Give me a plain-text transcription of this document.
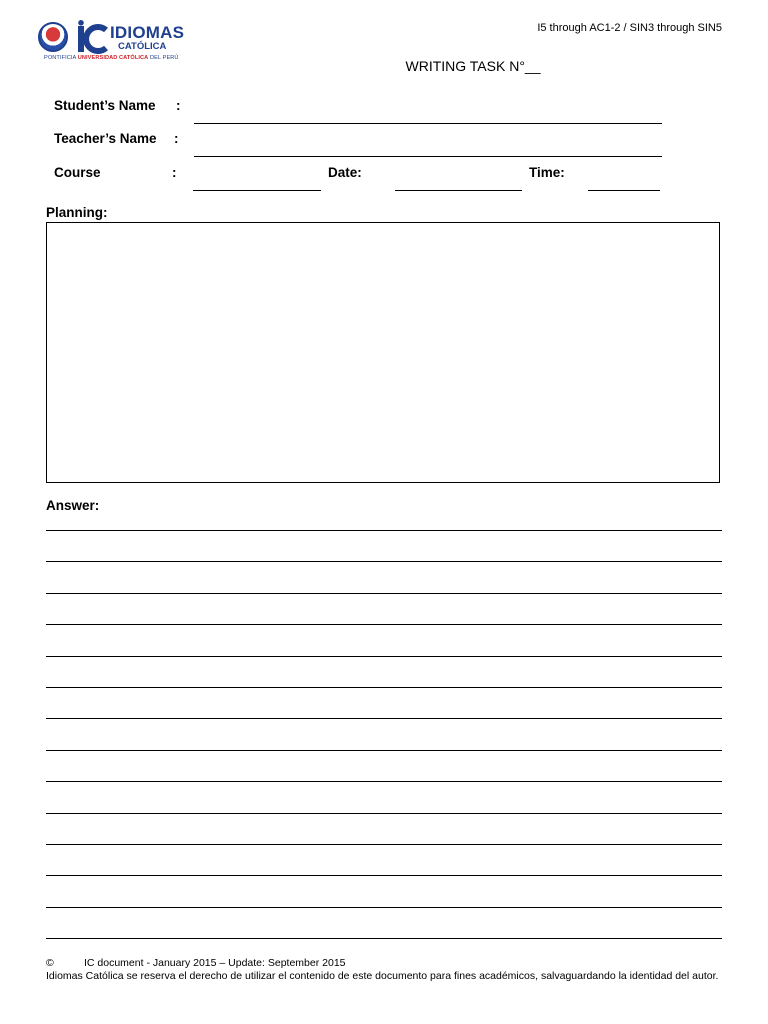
IDIOMAS
CATÓLICA
PONTIFICIA UNIVERSIDAD CATÓLICA DEL PERÚ
I5 through AC1-2 / SIN3 through SIN5
WRITING TASK N°__
Student’s Name :
Teacher’s Name :
Course	:	Date:	Time:
Planning:
Answer:
©	IC document - January 2015 – Update: September 2015
Idiomas Católica se reserva el derecho de utilizar el contenido de este documento para fines académicos, salvaguardando la identidad del autor.
